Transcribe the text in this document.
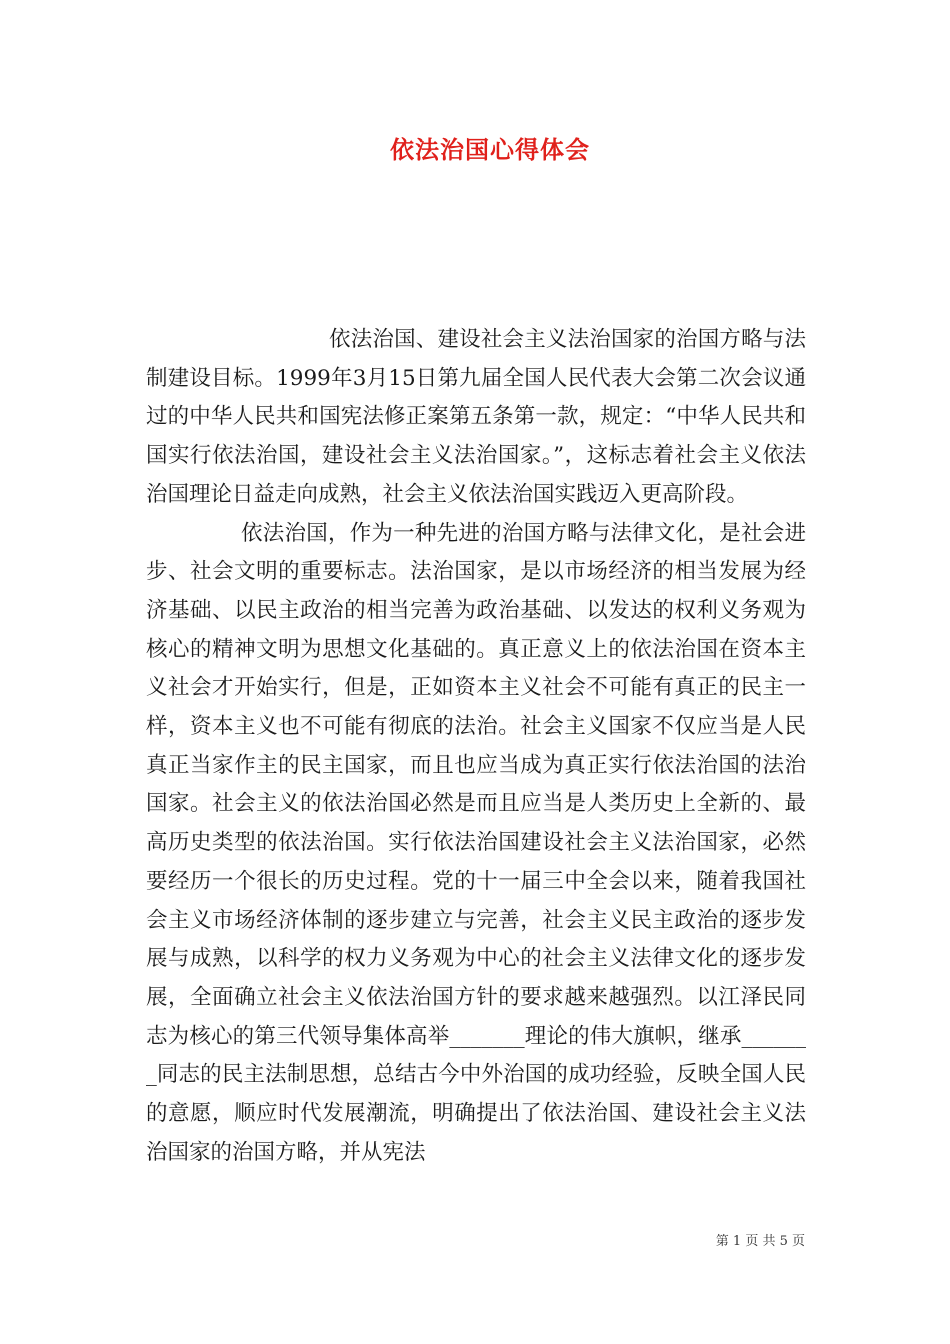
依法治国心得体会

依法治国、建设社会主义法治国家的治国方略与法制建设目标。1999年3月15日第九届全国人民代表大会第二次会议通过的中华人民共和国宪法修正案第五条第一款，规定：“中华人民共和国实行依法治国，建设社会主义法治国家。”，这标志着社会主义依法治国理论日益走向成熟，社会主义依法治国实践迈入更高阶段。

依法治国，作为一种先进的治国方略与法律文化，是社会进步、社会文明的重要标志。法治国家，是以市场经济的相当发展为经济基础、以民主政治的相当完善为政治基础、以发达的权利义务观为核心的精神文明为思想文化基础的。真正意义上的依法治国在资本主义社会才开始实行，但是，正如资本主义社会不可能有真正的民主一样，资本主义也不可能有彻底的法治。社会主义国家不仅应当是人民真正当家作主的民主国家，而且也应当成为真正实行依法治国的法治国家。社会主义的依法治国必然是而且应当是人类历史上全新的、最高历史类型的依法治国。实行依法治国建设社会主义法治国家，必然要经历一个很长的历史过程。党的十一届三中全会以来，随着我国社会主义市场经济体制的逐步建立与完善，社会主义民主政治的逐步发展与成熟，以科学的权力义务观为中心的社会主义法律文化的逐步发展，全面确立社会主义依法治国方针的要求越来越强烈。以江泽民同志为核心的第三代领导集体高举_______理论的伟大旗帜，继承_______同志的民主法制思想，总结古今中外治国的成功经验，反映全国人民的意愿，顺应时代发展潮流，明确提出了依法治国、建设社会主义法治国家的治国方略，并从宪法

第 1 页 共 5 页
